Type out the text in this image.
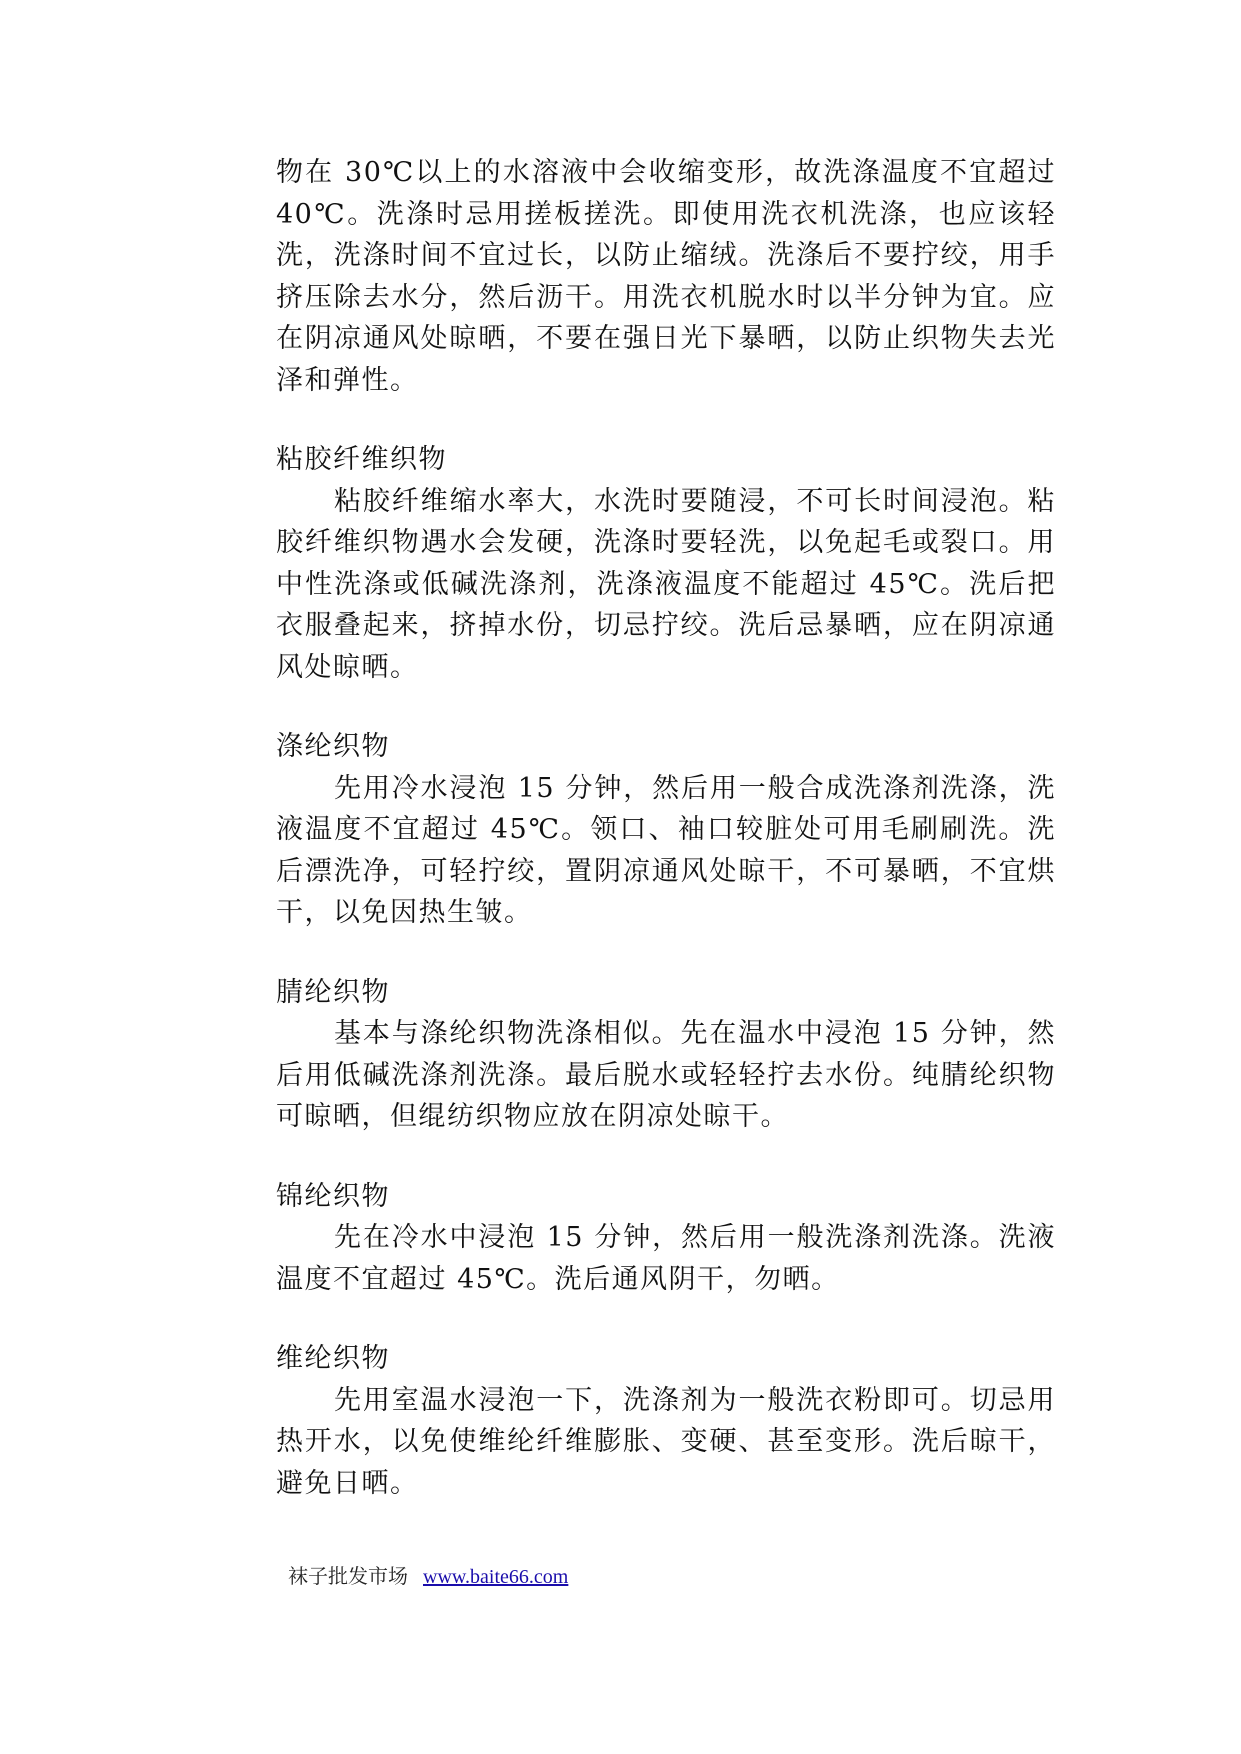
物在 30℃以上的水溶液中会收缩变形，故洗涤温度不宜超过 40℃。洗涤时忌用搓板搓洗。即使用洗衣机洗涤，也应该轻洗，洗涤时间不宜过长，以防止缩绒。洗涤后不要拧绞，用手挤压除去水分，然后沥干。用洗衣机脱水时以半分钟为宜。应在阴凉通风处晾晒，不要在强日光下暴晒，以防止织物失去光泽和弹性。

粘胶纤维织物

粘胶纤维缩水率大，水洗时要随浸，不可长时间浸泡。粘胶纤维织物遇水会发硬，洗涤时要轻洗，以免起毛或裂口。用中性洗涤或低碱洗涤剂，洗涤液温度不能超过 45℃。洗后把衣服叠起来，挤掉水份，切忌拧绞。洗后忌暴晒，应在阴凉通风处晾晒。

涤纶织物

先用冷水浸泡 15 分钟，然后用一般合成洗涤剂洗涤，洗液温度不宜超过 45℃。领口、袖口较脏处可用毛刷刷洗。洗后漂洗净，可轻拧绞，置阴凉通风处晾干，不可暴晒，不宜烘干，以免因热生皱。

腈纶织物

基本与涤纶织物洗涤相似。先在温水中浸泡 15 分钟，然后用低碱洗涤剂洗涤。最后脱水或轻轻拧去水份。纯腈纶织物可晾晒，但绲纺织物应放在阴凉处晾干。

锦纶织物

先在冷水中浸泡 15 分钟，然后用一般洗涤剂洗涤。洗液温度不宜超过 45℃。洗后通风阴干，勿晒。

维纶织物

先用室温水浸泡一下，洗涤剂为一般洗衣粉即可。切忌用热开水，以免使维纶纤维膨胀、变硬、甚至变形。洗后晾干，避免日晒。

袜子批发市场 www.baite66.com
